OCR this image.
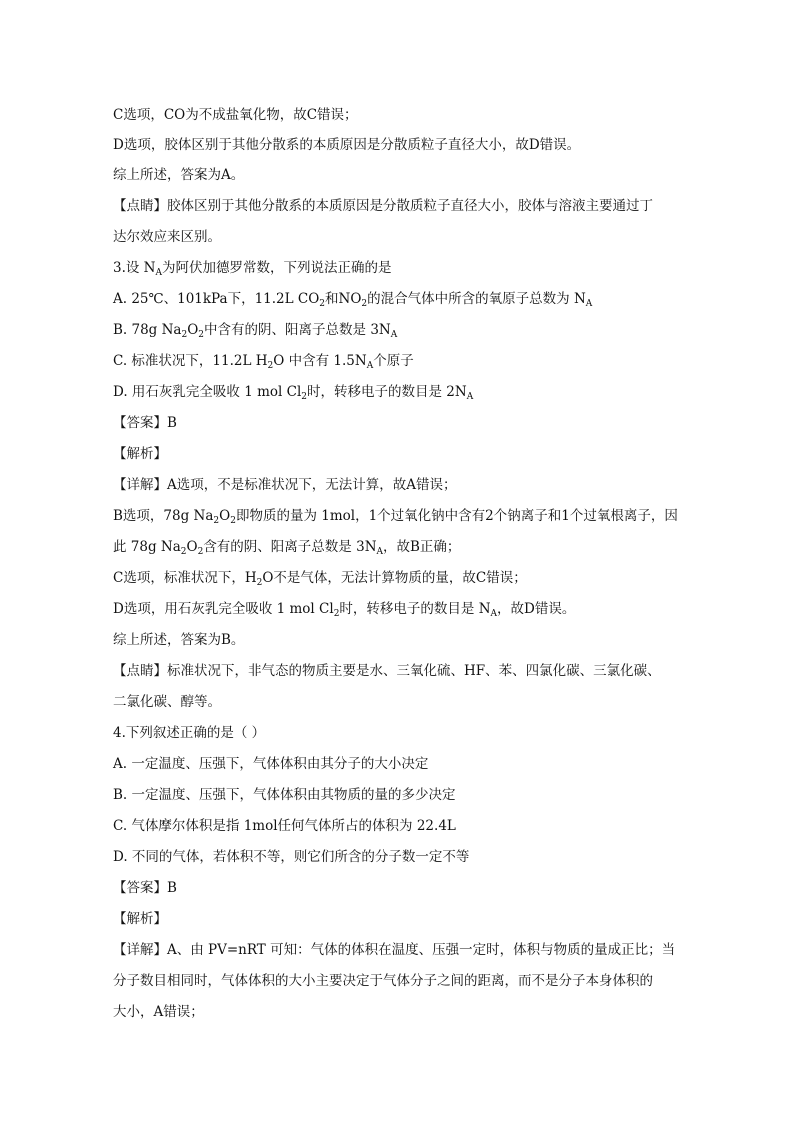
C选项，CO为不成盐氧化物，故C错误；
D选项，胶体区别于其他分散系的本质原因是分散质粒子直径大小，故D错误。
综上所述，答案为A。
【点睛】胶体区别于其他分散系的本质原因是分散质粒子直径大小，胶体与溶液主要通过丁
达尔效应来区别。
3.设 $N_A$为阿伏加德罗常数，下列说法正确的是
A. 25℃、101kPa下，11.2L $CO_2$和$NO_2$的混合气体中所含的氧原子总数为 $N_A$
B. 78g $Na_2O_2$中含有的阴、阳离子总数是 $3N_A$
C. 标准状况下，11.2L $H_2O$ 中含有 $1.5N_A$个原子
D. 用石灰乳完全吸收 1 mol $Cl_2$时，转移电子的数目是 $2N_A$
【答案】B
【解析】
【详解】A选项，不是标准状况下，无法计算，故A错误；
B选项，78g $Na_2O_2$即物质的量为 1mol，1个过氧化钠中含有2个钠离子和1个过氧根离子，因
此 78g $Na_2O_2$含有的阴、阳离子总数是 $3N_A$，故B正确；
C选项，标准状况下，$H_2O$不是气体，无法计算物质的量，故C错误；
D选项，用石灰乳完全吸收 1 mol $Cl_2$时，转移电子的数目是 $N_A$，故D错误。
综上所述，答案为B。
【点睛】标准状况下，非气态的物质主要是水、三氧化硫、HF、苯、四氯化碳、三氯化碳、
二氯化碳、醇等。
4.下列叙述正确的是（ ）
A. 一定温度、压强下，气体体积由其分子的大小决定
B. 一定温度、压强下，气体体积由其物质的量的多少决定
C. 气体摩尔体积是指 1mol任何气体所占的体积为 22.4L
D. 不同的气体，若体积不等，则它们所含的分子数一定不等
【答案】B
【解析】
【详解】A、由 PV=nRT 可知：气体的体积在温度、压强一定时，体积与物质的量成正比；当
分子数目相同时，气体体积的大小主要决定于气体分子之间的距离，而不是分子本身体积的
大小，A错误；
